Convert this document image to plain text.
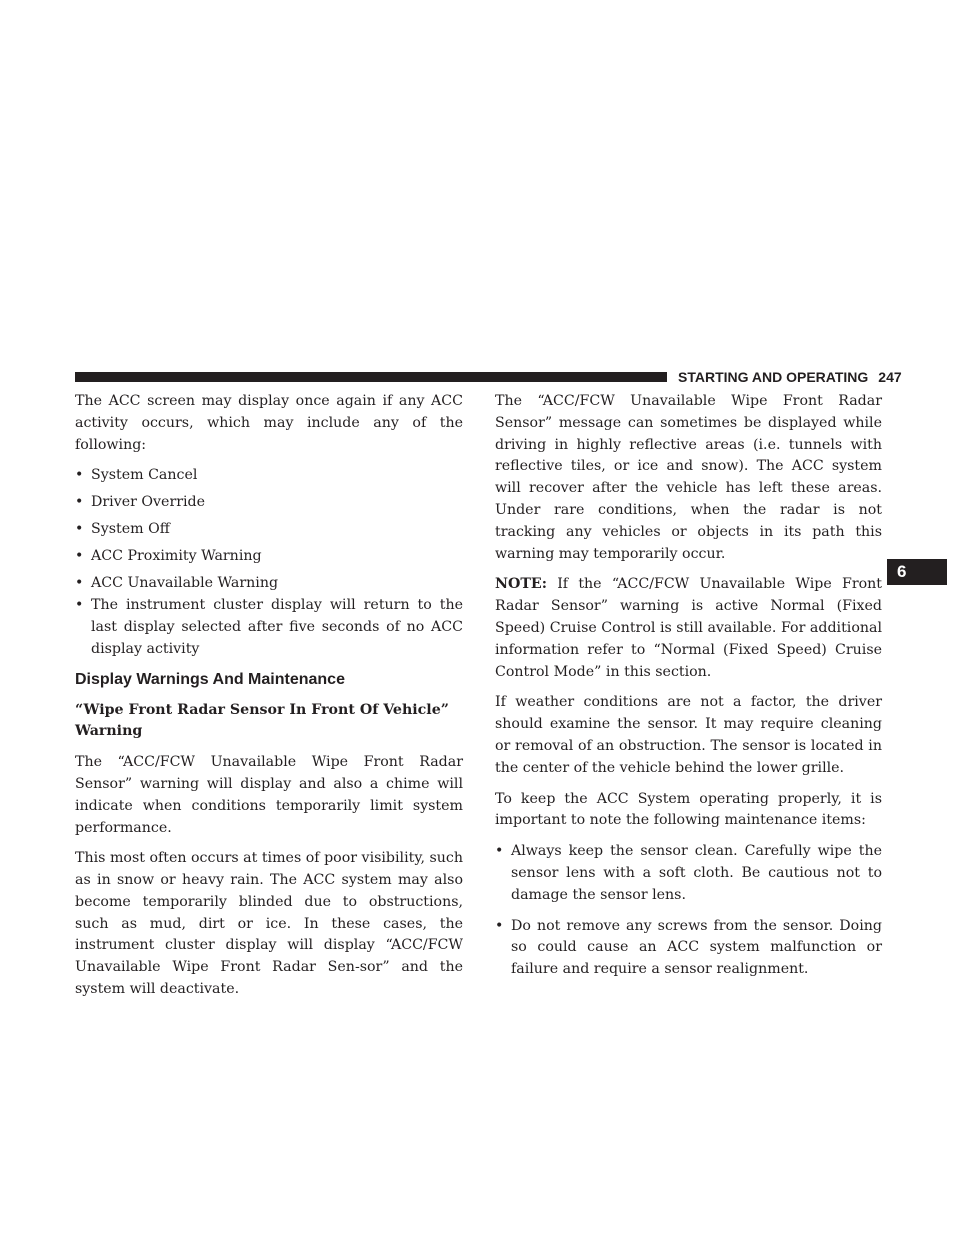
STARTING AND OPERATING 247
6

The ACC screen may display once again if any ACC activity occurs, which may include any of the following:

• System Cancel
• Driver Override
• System Off
• ACC Proximity Warning
• ACC Unavailable Warning
• The instrument cluster display will return to the last display selected after five seconds of no ACC display activity
Display Warnings And Maintenance
“Wipe Front Radar Sensor In Front Of Vehicle” Warning

The “ACC/FCW Unavailable Wipe Front Radar Sensor” warning will display and also a chime will indicate when conditions temporarily limit system performance.

This most often occurs at times of poor visibility, such as in snow or heavy rain. The ACC system may also become temporarily blinded due to obstructions, such as mud, dirt or ice. In these cases, the instrument cluster display will display “ACC/FCW Unavailable Wipe Front Radar Sen-sor” and the system will deactivate.

The “ACC/FCW Unavailable Wipe Front Radar Sensor” message can sometimes be displayed while driving in highly reflective areas (i.e. tunnels with reflective tiles, or ice and snow). The ACC system will recover after the vehicle has left these areas. Under rare conditions, when the radar is not tracking any vehicles or objects in its path this warning may temporarily occur.

NOTE: If the “ACC/FCW Unavailable Wipe Front Radar Sensor” warning is active Normal (Fixed Speed) Cruise Control is still available. For additional information refer to “Normal (Fixed Speed) Cruise Control Mode” in this section.

If weather conditions are not a factor, the driver should examine the sensor. It may require cleaning or removal of an obstruction. The sensor is located in the center of the vehicle behind the lower grille.

To keep the ACC System operating properly, it is important to note the following maintenance items:

• Always keep the sensor clean. Carefully wipe the sensor lens with a soft cloth. Be cautious not to damage the sensor lens.
• Do not remove any screws from the sensor. Doing so could cause an ACC system malfunction or failure and require a sensor realignment.
